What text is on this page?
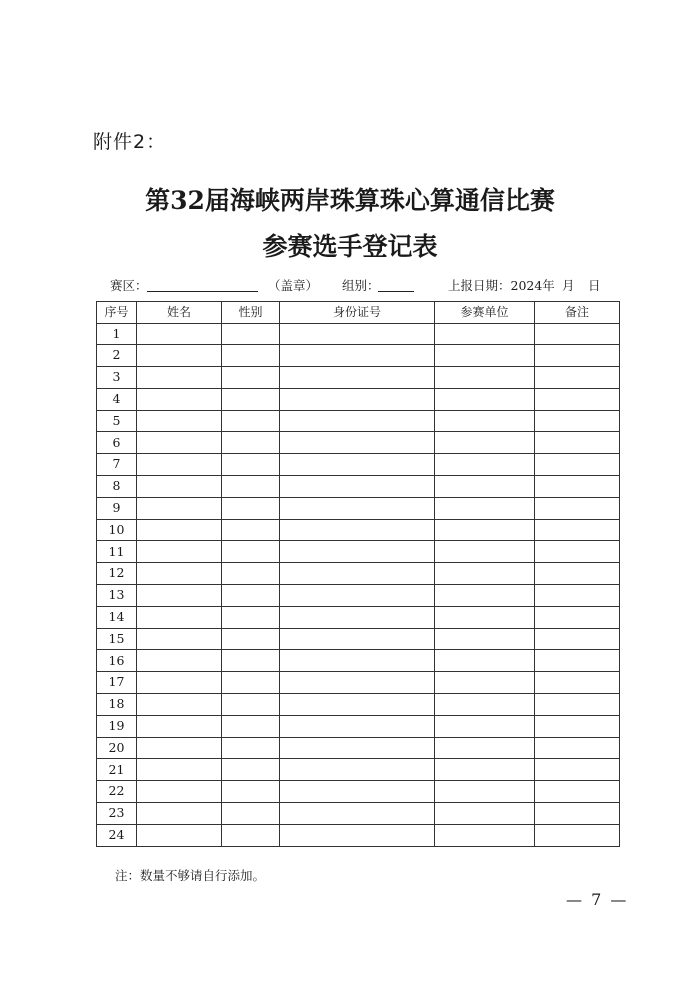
附件2：
第32届海峡两岸珠算珠心算通信比赛
参赛选手登记表
赛区：	（盖章） 组别：	上报日期：2024年 月 日
序号	姓名	性别	身份证号	参赛单位	备注
1					
2					
3					
4					
5					
6					
7					
8					
9					
10					
11					
12					
13					
14					
15					
16					
17					
18					
19					
20					
21					
22					
23					
24					
注：数量不够请自行添加。
— 7 —
